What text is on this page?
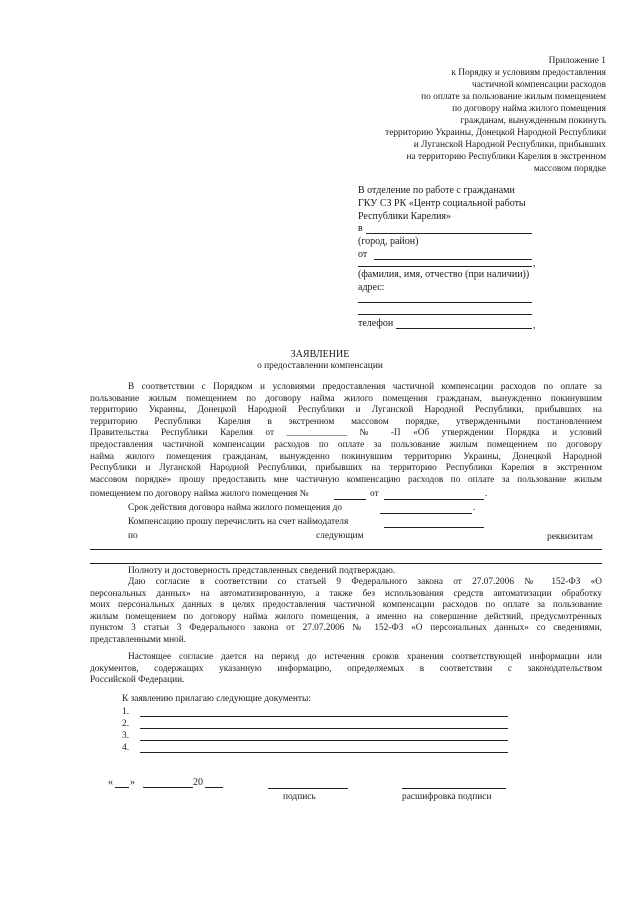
Приложение 1
к Порядку и условиям предоставления
частичной компенсации расходов
по оплате за пользование жилым помещением
по договору найма жилого помещения
гражданам, вынужденным покинуть
территорию Украины, Донецкой Народной Республики
и Луганской Народной Республики, прибывших
на территорию Республики Карелия в экстренном
массовом порядке
В отделение по работе с гражданами
ГКУ СЗ РК «Центр социальной работы
Республики Карелия»
в
(город, район)
от
,
(фамилия, имя, отчество (при наличии))
адрес:
телефон	,
ЗАЯВЛЕНИЕ
о предоставлении компенсации
В соответствии с Порядком и условиями предоставления частичной компенсации расходов по оплате за
пользование жилым помещением по договору найма жилого помещения гражданам, вынужденно покинувшим
территорию Украины, Донецкой Народной Республики и Луганской Народной Республики, прибывших на
территорию Республики Карелия в экстренном массовом порядке, утвержденными постановлением
Правительства Республики Карелия от _____________ № -П «Об утверждении Порядка и условий
предоставления частичной компенсации расходов по оплате за пользование жилым помещением по договору
найма жилого помещения гражданам, вынужденно покинувшим территорию Украины, Донецкой Народной
Республики и Луганской Народной Республики, прибывших на территорию Республики Карелия в экстренном
массовом порядке» прошу предоставить мне частичную компенсацию расходов по оплате за пользование жилым
помещением по договору найма жилого помещения №	от	.
Срок действия договора найма жилого помещения до	.
Компенсацию прошу перечислить на счет наймодателя
по	следующим	реквизитам
Полноту и достоверность представленных сведений подтверждаю.
Даю согласие в соответствии со статьей 9 Федерального закона от 27.07.2006 № 152-ФЗ «О
персональных данных» на автоматизированную, а также без использования средств автоматизации обработку
моих персональных данных в целях предоставления частичной компенсации расходов по оплате за пользование
жилым помещением по договору найма жилого помещения, а именно на совершение действий, предусмотренных
пунктом 3 статьи 3 Федерального закона от 27.07.2006 № 152-ФЗ «О персональных данных» со сведениями,
представленными мной.
Настоящее согласие дается на период до истечения сроков хранения соответствующей информации или
документов, содержащих указанную информацию, определяемых в соответствии с законодательством
Российской Федерации.
К заявлению прилагаю следующие документы:
1.
2.
3.
4.
« »	20
подпись	расшифровка подписи
